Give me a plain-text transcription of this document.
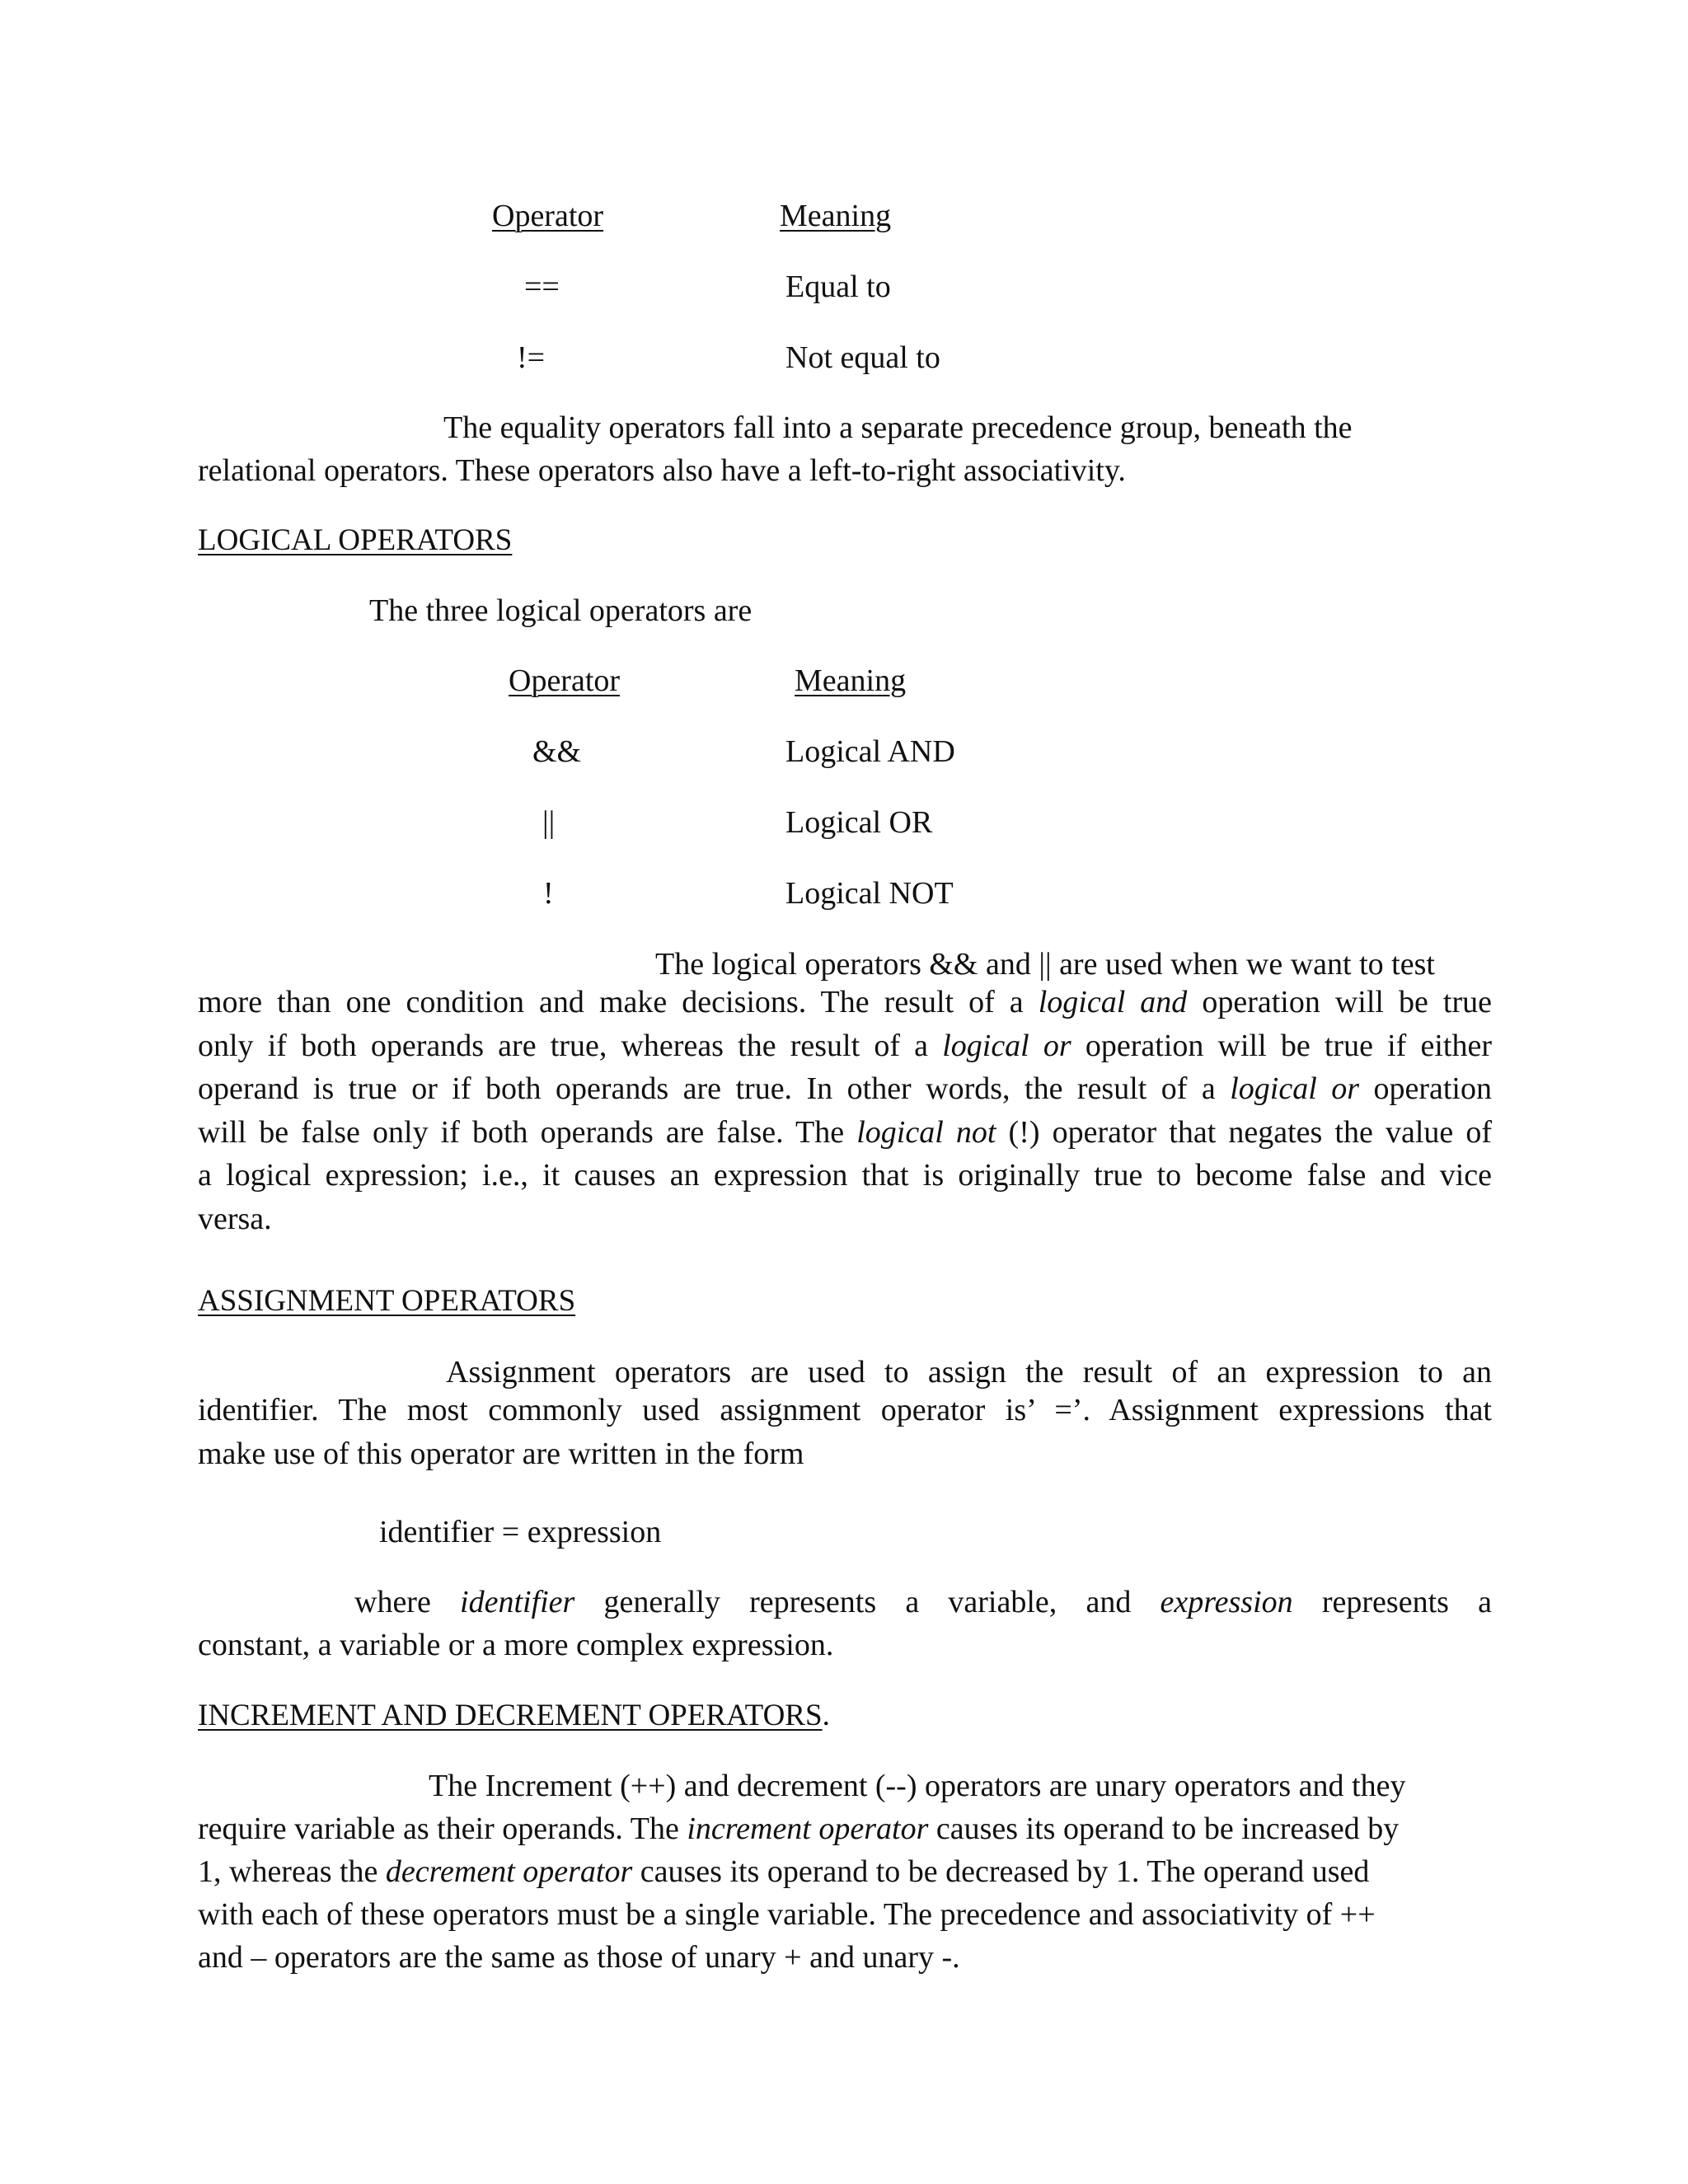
Operator	Meaning
==	Equal to
!=	Not equal to
The equality operators fall into a separate precedence group, beneath the
relational operators. These operators also have a left-to-right associativity.
LOGICAL OPERATORS
The three logical operators are
Operator	Meaning
&&	Logical AND
||	Logical OR
!	Logical NOT
The logical operators && and || are used when we want to test
more than one condition and make decisions. The result of a logical and operation will be true
only if both operands are true, whereas the result of a logical or operation will be true if either
operand is true or if both operands are true. In other words, the result of a logical or operation
will be false only if both operands are false. The logical not (!) operator that negates the value of
a logical expression; i.e., it causes an expression that is originally true to become false and vice
versa.
ASSIGNMENT OPERATORS
Assignment operators are used to assign the result of an expression to an
identifier. The most commonly used assignment operator is’ =’. Assignment expressions that
make use of this operator are written in the form
identifier = expression
where identifier generally represents a variable, and expression represents a
constant, a variable or a more complex expression.
INCREMENT AND DECREMENT OPERATORS.
The Increment (++) and decrement (--) operators are unary operators and they
require variable as their operands. The increment operator causes its operand to be increased by
1, whereas the decrement operator causes its operand to be decreased by 1. The operand used
with each of these operators must be a single variable. The precedence and associativity of ++
and – operators are the same as those of unary + and unary -.
